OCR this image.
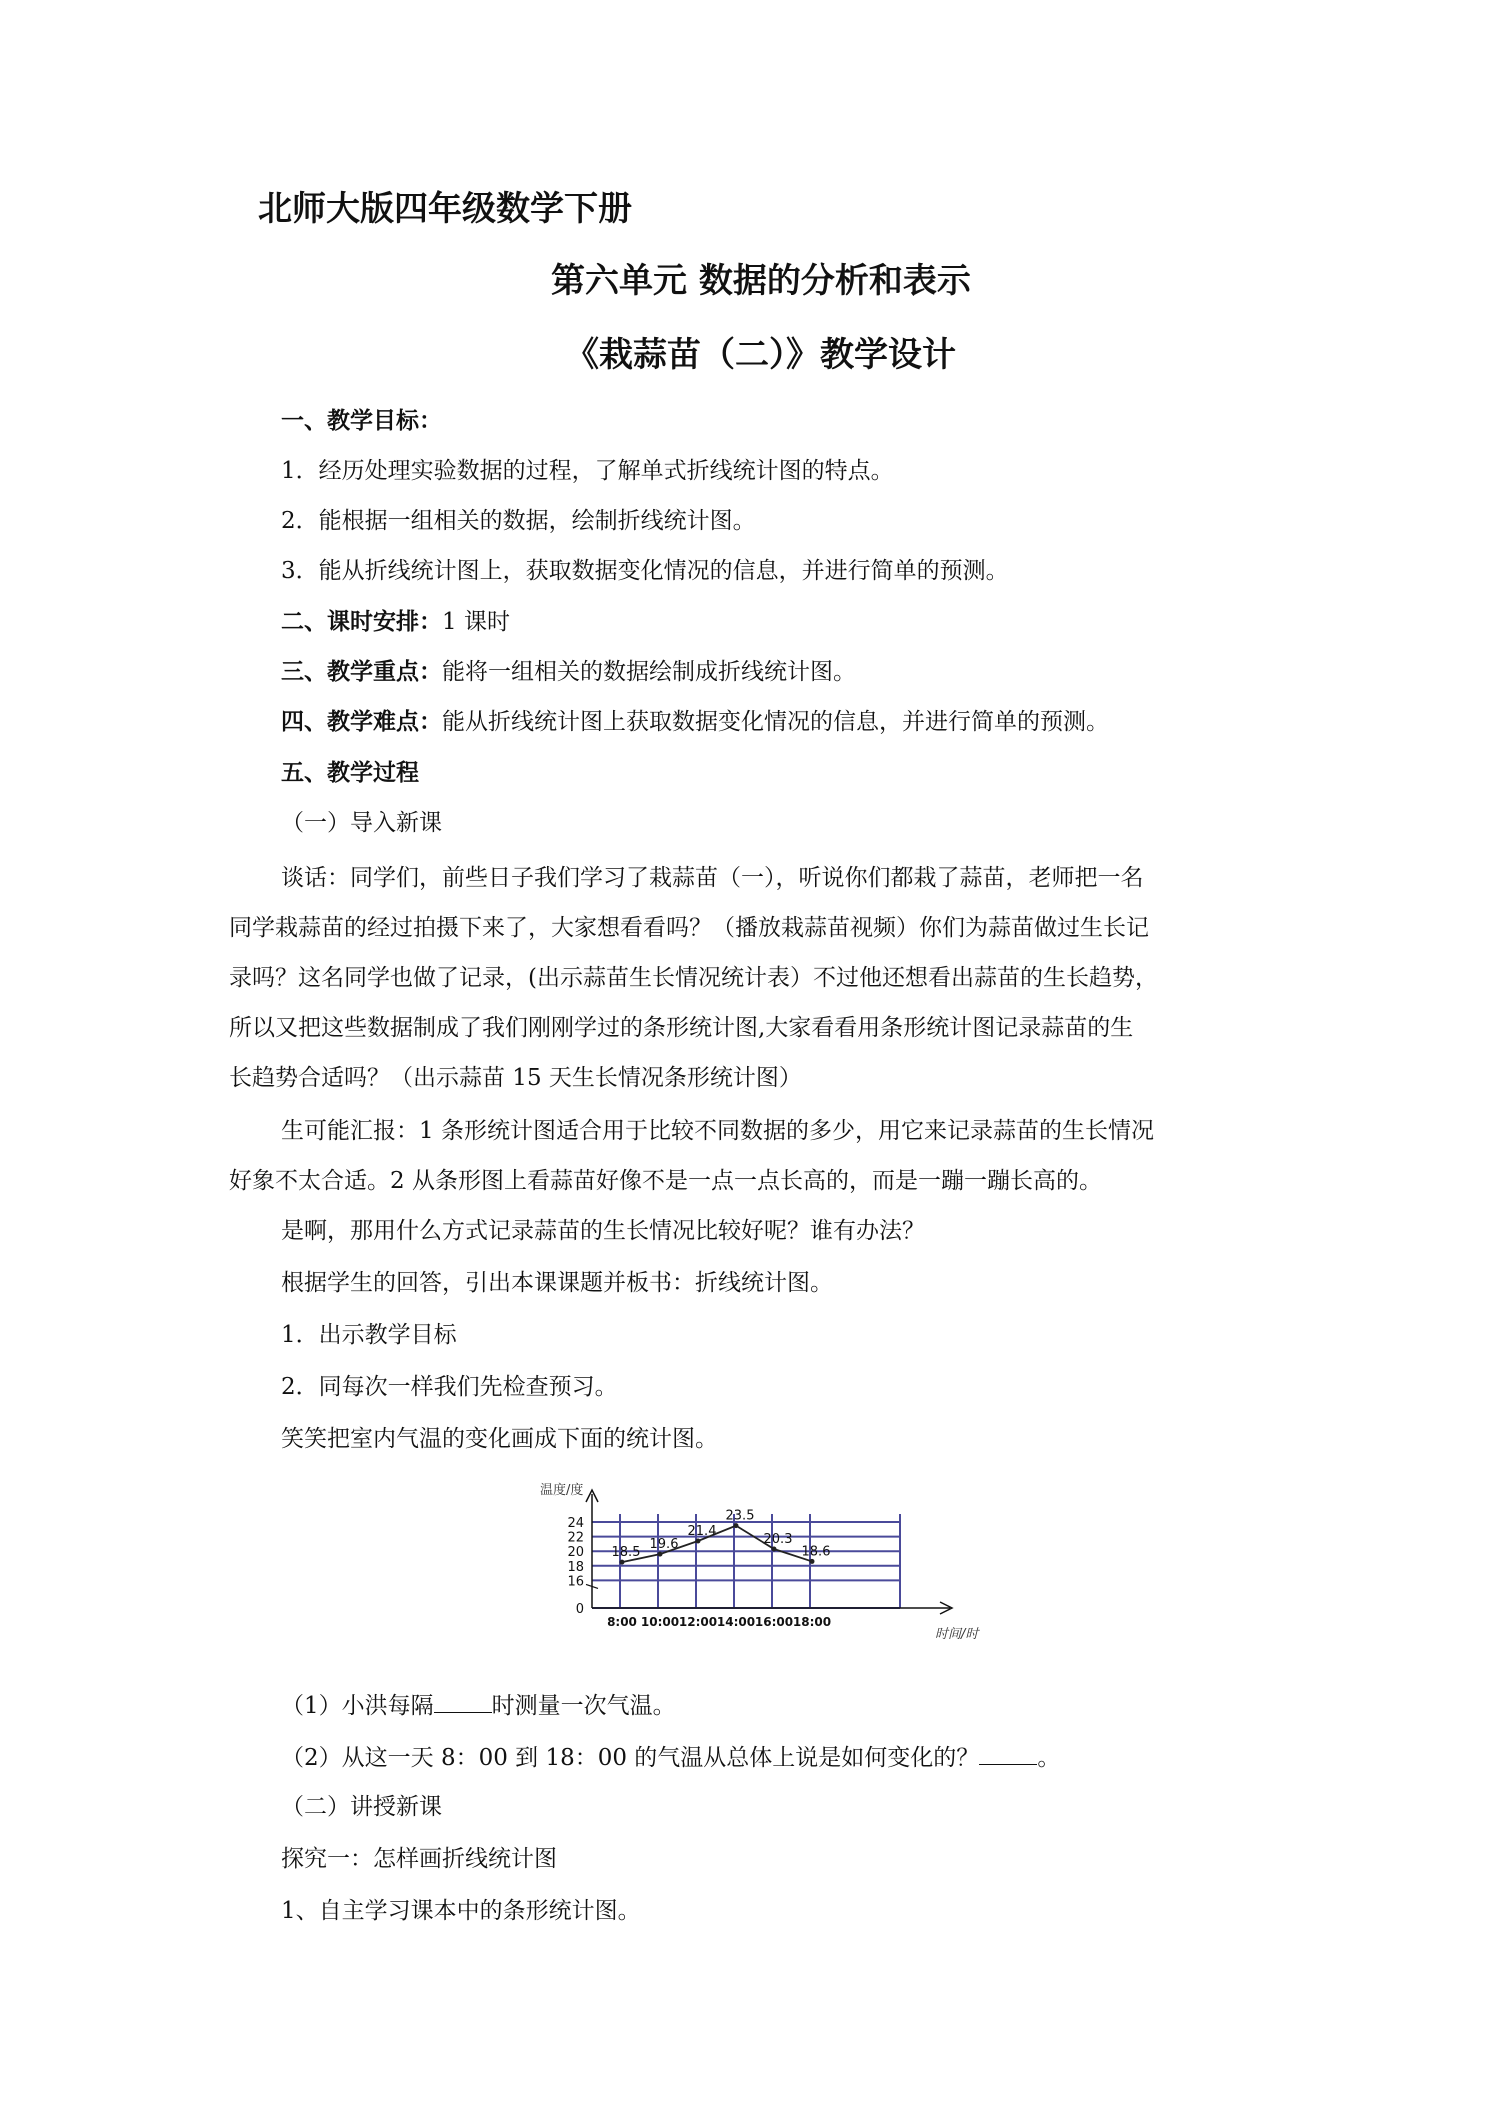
北师大版四年级数学下册
第六单元 数据的分析和表示
《栽蒜苗（二）》教学设计
一、教学目标：
1．经历处理实验数据的过程，了解单式折线统计图的特点。
2．能根据一组相关的数据，绘制折线统计图。
3．能从折线统计图上，获取数据变化情况的信息，并进行简单的预测。
二、课时安排：1 课时
三、教学重点：能将一组相关的数据绘制成折线统计图。
四、教学难点：能从折线统计图上获取数据变化情况的信息，并进行简单的预测。
五、教学过程
（一）导入新课
谈话：同学们，前些日子我们学习了栽蒜苗（一），听说你们都栽了蒜苗，老师把一名
同学栽蒜苗的经过拍摄下来了，大家想看看吗？（播放栽蒜苗视频）你们为蒜苗做过生长记
录吗？这名同学也做了记录，(出示蒜苗生长情况统计表）不过他还想看出蒜苗的生长趋势，
所以又把这些数据制成了我们刚刚学过的条形统计图,大家看看用条形统计图记录蒜苗的生
长趋势合适吗？（出示蒜苗 15 天生长情况条形统计图）
生可能汇报：1 条形统计图适合用于比较不同数据的多少，用它来记录蒜苗的生长情况
好象不太合适。2 从条形图上看蒜苗好像不是一点一点长高的，而是一蹦一蹦长高的。
是啊，那用什么方式记录蒜苗的生长情况比较好呢？谁有办法？
根据学生的回答，引出本课课题并板书：折线统计图。
1．出示教学目标
2．同每次一样我们先检查预习。
笑笑把室内气温的变化画成下面的统计图。
0
16
18
20
22
24
温度/度
时间/时
8:00 10:00 12:00 14:00 16:00 18:00
18.5
19.6
21.4
23.5
20.3
18.6
（1）小洪每隔	时测量一次气温。
（2）从这一天 8：00 到 18：00 的气温从总体上说是如何变化的？	。
（二）讲授新课
探究一：怎样画折线统计图
1、自主学习课本中的条形统计图。
